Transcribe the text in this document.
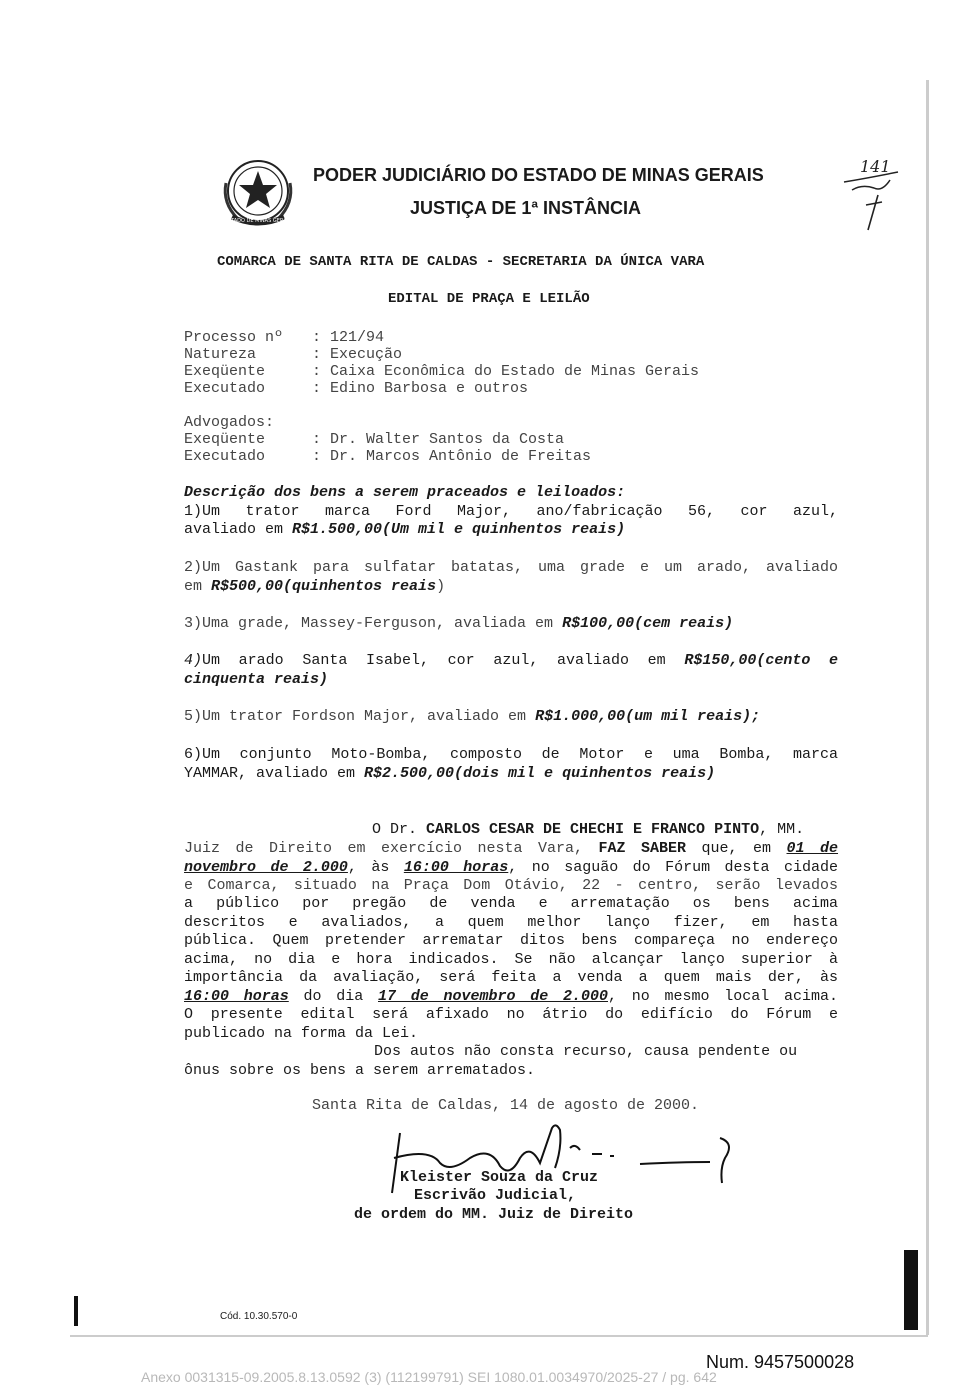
ESTADO DE MINAS GERAIS
PODER JUDICIÁRIO DO ESTADO DE MINAS GERAIS
JUSTIÇA DE 1ª INSTÂNCIA
141
COMARCA DE SANTA RITA DE CALDAS - SECRETARIA DA ÚNICA VARA
EDITAL DE PRAÇA E LEILÃO
Processo nº : 121/94
Natureza	: Execução
Exeqüente	: Caixa Econômica do Estado de Minas Gerais
Executado	: Edino Barbosa e outros
Advogados:
Exeqüente	: Dr. Walter Santos da Costa
Executado	: Dr. Marcos Antônio de Freitas
Descrição dos bens a serem praceados e leiloados:
1)Um trator marca Ford Major, ano/fabricação 56, cor azul,
avaliado em R$1.500,00(Um mil e quinhentos reais)
2)Um Gastank para sulfatar batatas, uma grade e um arado, avaliado
em R$500,00(quinhentos reais)
3)Uma grade, Massey-Ferguson, avaliada em R$100,00(cem reais)
4)Um arado Santa Isabel, cor azul, avaliado em R$150,00(cento e
cinquenta reais)
5)Um trator Fordson Major, avaliado em R$1.000,00(um mil reais);
6)Um conjunto Moto-Bomba, composto de Motor e uma Bomba, marca
YAMMAR, avaliado em R$2.500,00(dois mil e quinhentos reais)
O Dr. CARLOS CESAR DE CHECHI E FRANCO PINTO, MM.
Juiz de Direito em exercício nesta Vara, FAZ SABER que, em 01 de
novembro de 2.000, às 16:00 horas, no saguão do Fórum desta cidade
e Comarca, situado na Praça Dom Otávio, 22 - centro, serão levados
a público por pregão de venda e arrematação os bens acima
descritos e avaliados, a quem melhor lanço fizer, em hasta
pública. Quem pretender arrematar ditos bens compareça no endereço
acima, no dia e hora indicados. Se não alcançar lanço superior à
importância da avaliação, será feita a venda a quem mais der, às
16:00 horas do dia 17 de novembro de 2.000, no mesmo local acima.
O presente edital será afixado no átrio do edifício do Fórum e
publicado na forma da Lei.
Dos autos não consta recurso, causa pendente ou
ônus sobre os bens a serem arrematados.
Santa Rita de Caldas, 14 de agosto de 2000.
Kleister Souza da Cruz
Escrivão Judicial,
de ordem do MM. Juiz de Direito
Cód. 10.30.570-0
Num. 9457500028
Anexo 0031315-09.2005.8.13.0592 (3) (112199791) SEI 1080.01.0034970/2025-27 / pg. 642
